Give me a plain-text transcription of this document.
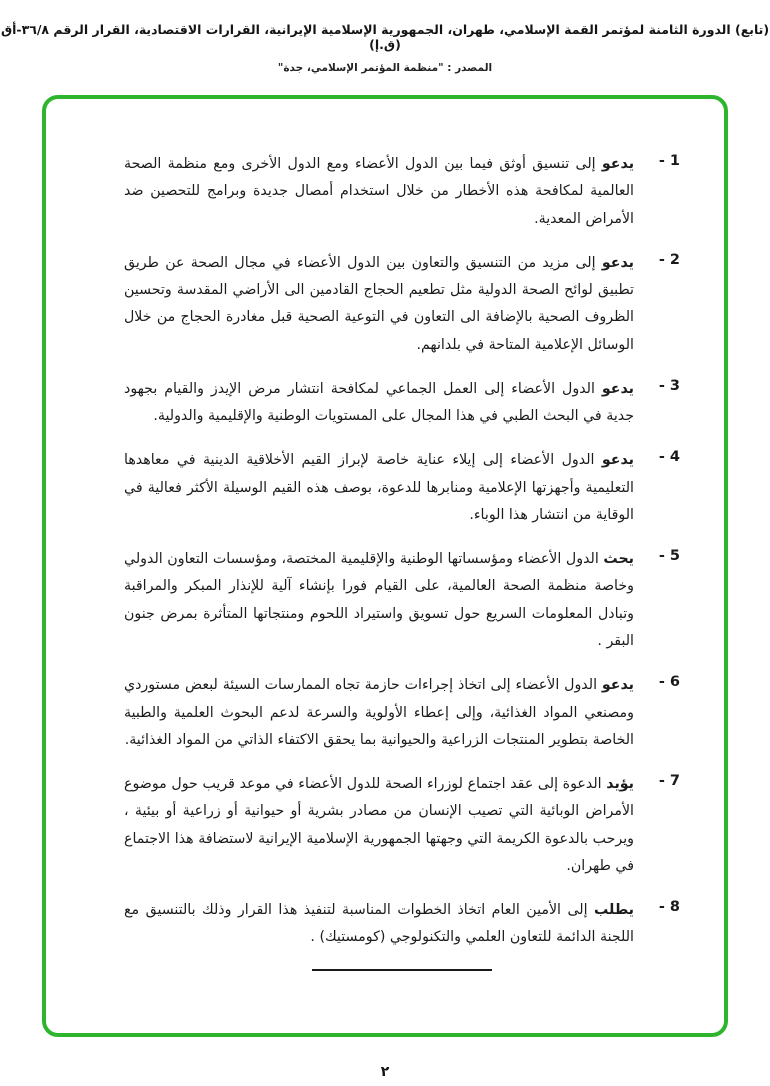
(تابع) الدورة الثامنة لمؤتمر القمة الإسلامي، طهران، الجمهورية الإسلامية الإيرانية، القرارات الاقتصادية، القرار الرقم ٣٦/٨-أق (ق.إ)
المصدر : "منظمة المؤتمر الإسلامي، جدة"
1 -
يدعو إلى تنسيق أوثق فيما بين الدول الأعضاء ومع الدول الأخرى ومع منظمة الصحة العالمية لمكافحة هذه الأخطار من خلال استخدام أمصال جديدة وبرامج للتحصين ضد الأمراض المعدية.
2 -
يدعو إلى مزيد من التنسيق والتعاون بين الدول الأعضاء في مجال الصحة عن طريق تطبيق لوائح الصحة الدولية مثل تطعيم الحجاج القادمين الى الأراضي المقدسة وتحسين الظروف الصحية بالإضافة الى التعاون في التوعية الصحية قبل مغادرة الحجاج من خلال الوسائل الإعلامية المتاحة في بلدانهم.
3 -
يدعو الدول الأعضاء إلى العمل الجماعي لمكافحة انتشار مرض الإيدز والقيام بجهود جدية في البحث الطبي في هذا المجال على المستويات الوطنية والإقليمية والدولية.
4 -
يدعو الدول الأعضاء إلى إيلاء عناية خاصة لإبراز القيم الأخلاقية الدينية في معاهدها التعليمية وأجهزتها الإعلامية ومنابرها للدعوة، بوصف هذه القيم الوسيلة الأكثر فعالية في الوقاية من انتشار هذا الوباء.
5 -
يحث الدول الأعضاء ومؤسساتها الوطنية والإقليمية المختصة، ومؤسسات التعاون الدولي وخاصة منظمة الصحة العالمية، على القيام فورا بإنشاء آلية للإنذار المبكر والمراقبة وتبادل المعلومات السريع حول تسويق واستيراد اللحوم ومنتجاتها المتأثرة بمرض جنون البقر .
6 -
يدعو الدول الأعضاء إلى اتخاذ إجراءات حازمة تجاه الممارسات السيئة لبعض مستوردي ومصنعي المواد الغذائية، وإلى إعطاء الأولوية والسرعة لدعم البحوث العلمية والطبية الخاصة بتطوير المنتجات الزراعية والحيوانية بما يحقق الاكتفاء الذاتي من المواد الغذائية.
7 -
يؤيد الدعوة إلى عقد اجتماع لوزراء الصحة للدول الأعضاء في موعد قريب حول موضوع الأمراض الوبائية التي تصيب الإنسان من مصادر بشرية أو حيوانية أو زراعية أو بيئية ، ويرحب بالدعوة الكريمة التي وجهتها الجمهورية الإسلامية الإيرانية لاستضافة هذا الاجتماع في طهران.
8 -
يطلب إلى الأمين العام اتخاذ الخطوات المناسبة لتنفيذ هذا القرار وذلك بالتنسيق مع اللجنة الدائمة للتعاون العلمي والتكنولوجي (كومستيك) .
٢
